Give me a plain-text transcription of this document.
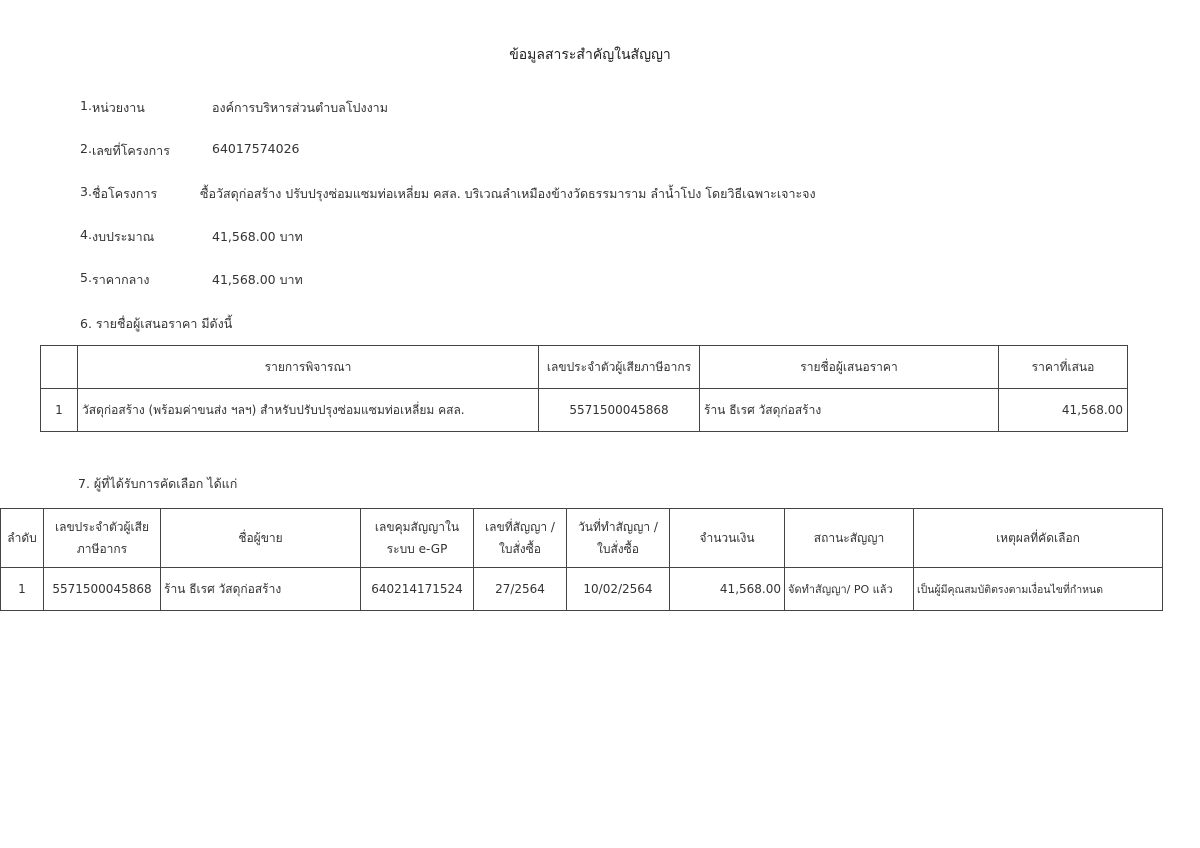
ข้อมูลสาระสำคัญในสัญญา
1. หน่วยงาน	องค์การบริหารส่วนตำบลโปงงาม
2. เลขที่โครงการ	64017574026
3. ชื่อโครงการ	ซื้อวัสดุก่อสร้าง ปรับปรุงซ่อมแซมท่อเหลี่ยม คสล. บริเวณลำเหมืองข้างวัดธรรมาราม ลำน้ำโปง โดยวิธีเฉพาะเจาะจง
4. งบประมาณ	41,568.00 บาท
5. ราคากลาง	41,568.00 บาท
6. รายชื่อผู้เสนอราคา มีดังนี้
	รายการพิจารณา	เลขประจำตัวผู้เสียภาษีอากร	รายชื่อผู้เสนอราคา	ราคาที่เสนอ
1	วัสดุก่อสร้าง (พร้อมค่าขนส่ง ฯลฯ) สำหรับปรับปรุงซ่อมแซมท่อเหลี่ยม คสล.	5571500045868	ร้าน ธีเรศ วัสดุก่อสร้าง	41,568.00
7. ผู้ที่ได้รับการคัดเลือก ได้แก่
ลำดับ	เลขประจำตัวผู้เสียภาษีอากร	ชื่อผู้ขาย	เลขคุมสัญญาในระบบ e-GP	เลขที่สัญญา / ใบสั่งซื้อ	วันที่ทำสัญญา / ใบสั่งซื้อ	จำนวนเงิน	สถานะสัญญา	เหตุผลที่คัดเลือก
1	5571500045868	ร้าน ธีเรศ วัสดุก่อสร้าง	640214171524	27/2564	10/02/2564	41,568.00	จัดทำสัญญา/ PO แล้ว	เป็นผู้มีคุณสมบัติตรงตามเงื่อนไขที่กำหนด
